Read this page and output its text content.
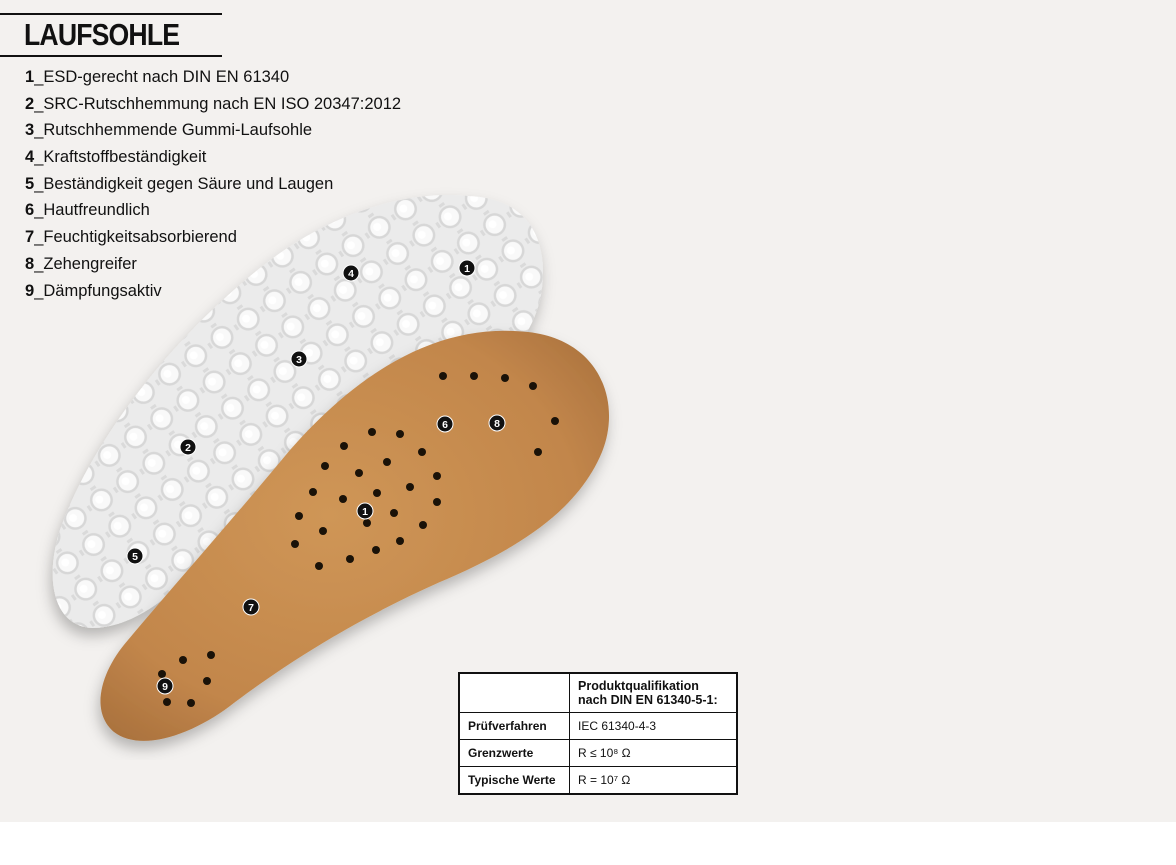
LAUFSOHLE
1_ESD-gerecht nach DIN EN 61340
2_SRC-Rutschhemmung nach EN ISO 20347:2012
3_Rutschhemmende Gummi-Laufsohle
4_Kraftstoffbeständigkeit
5_Beständigkeit gegen Säure und Laugen
6_Hautfreundlich
7_Feuchtigkeitsabsorbierend
8_Zehengreifer
9_Dämpfungsaktiv
1
4
3
2
5
6	8
1
7
9
		Produktqualifikation
nach DIN EN 61340-5-1:
Prüfverfahren	IEC 61340-4-3
Grenzwerte	R ≤ 10⁸ Ω
Typische Werte	R = 10⁷ Ω
